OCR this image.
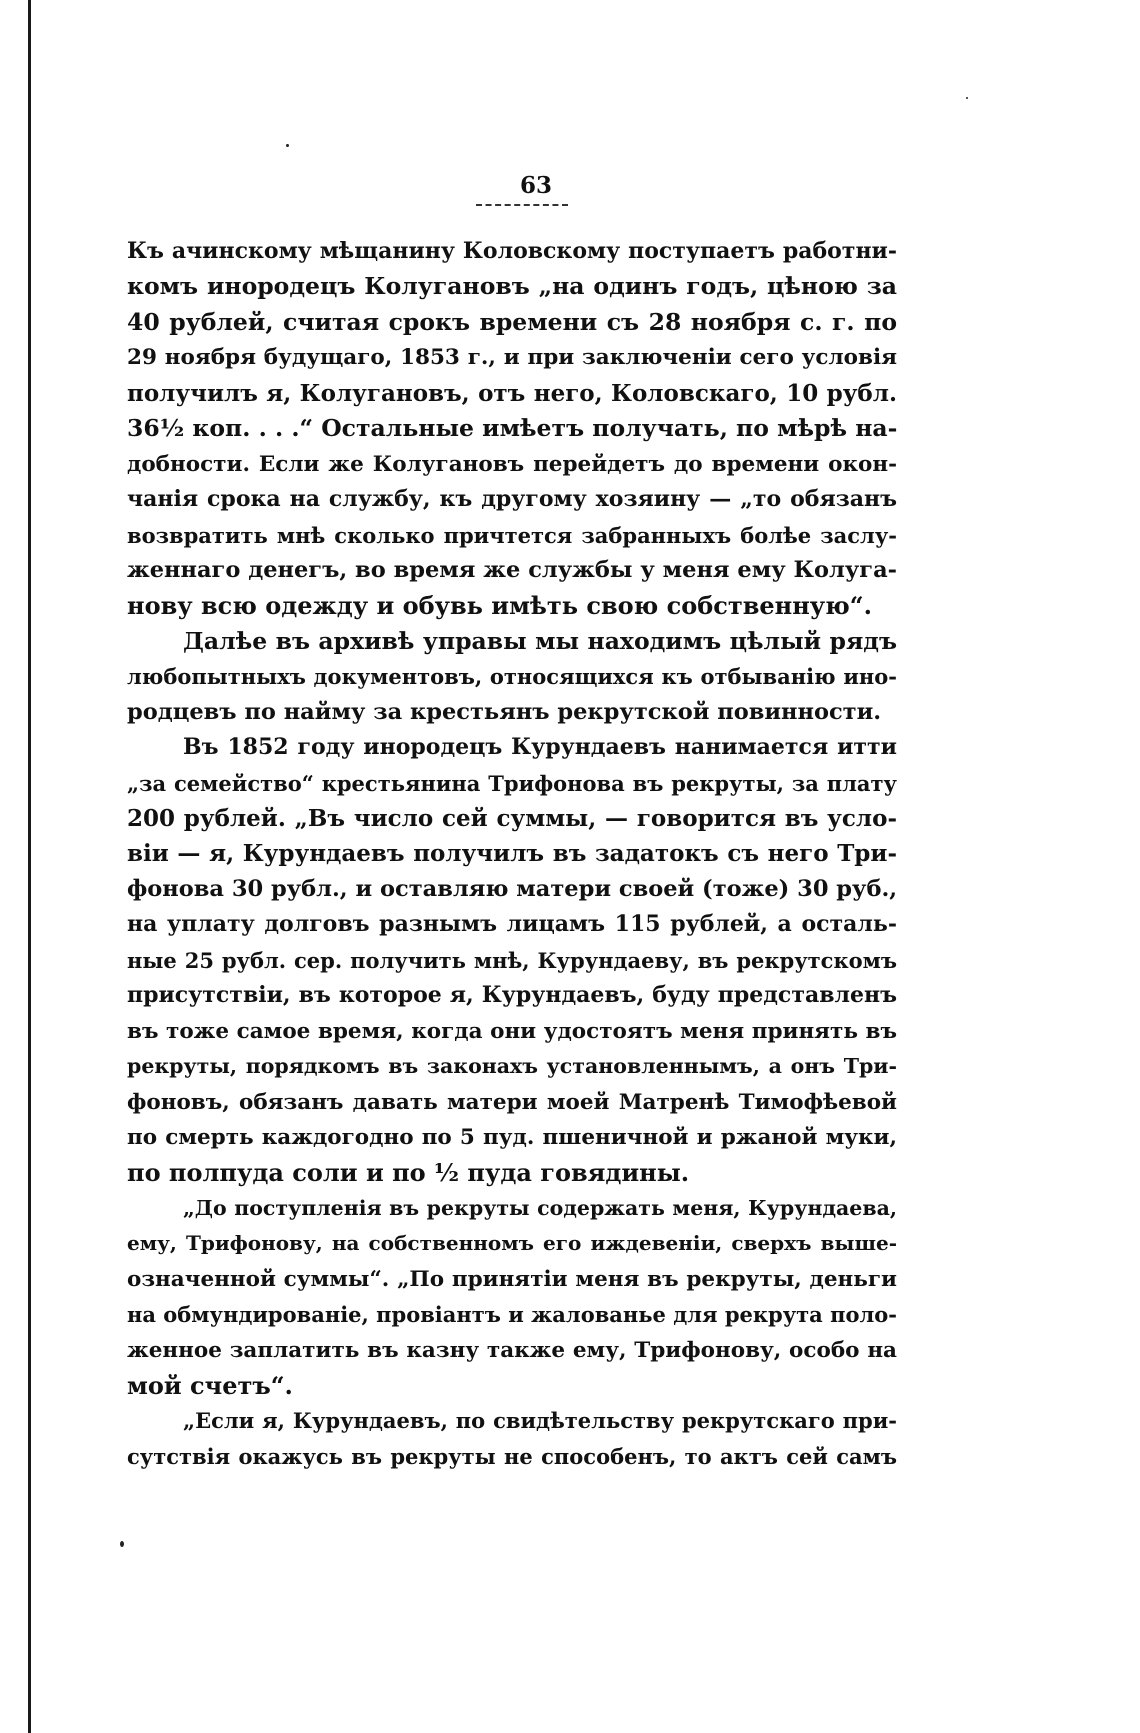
63
Къ ачинскому мѣщанину Коловскому поступаетъ работни-
комъ инородецъ Колугановъ „на одинъ годъ, цѣною за
40 рублей, считая срокъ времени съ 28 ноября с. г. по
29 ноября будущаго, 1853 г., и при заключеніи сего условія
получилъ я, Колугановъ, отъ него, Коловскаго, 10 рубл.
36½ коп. . . .“ Остальные имѣетъ получать, по мѣрѣ на-
добности. Если же Колугановъ перейдетъ до времени окон-
чанія срока на службу, къ другому хозяину — „то обязанъ
возвратить мнѣ сколько причтется забранныхъ болѣе заслу-
женнаго денегъ, во время же службы у меня ему Колуга-
нову всю одежду и обувь имѣть свою собственную“.
Далѣе въ архивѣ управы мы находимъ цѣлый рядъ
любопытныхъ документовъ, относящихся къ отбыванію ино-
родцевъ по найму за крестьянъ рекрутской повинности.
Въ 1852 году инородецъ Курундаевъ нанимается итти
„за семейство“ крестьянина Трифонова въ рекруты, за плату
200 рублей. „Въ число сей суммы, — говорится въ усло-
віи — я, Курундаевъ получилъ въ задатокъ съ него Три-
фонова 30 рубл., и оставляю матери своей (тоже) 30 руб.,
на уплату долговъ разнымъ лицамъ 115 рублей, а осталь-
ные 25 рубл. сер. получить мнѣ, Курундаеву, въ рекрутскомъ
присутствіи, въ которое я, Курундаевъ, буду представленъ
въ тоже самое время, когда они удостоятъ меня принять въ
рекруты, порядкомъ въ законахъ установленнымъ, а онъ Три-
фоновъ, обязанъ давать матери моей Матренѣ Тимофѣевой
по смерть каждогодно по 5 пуд. пшеничной и ржаной муки,
по полпуда соли и по ½ пуда говядины.
„До поступленія въ рекруты содержать меня, Курундаева,
ему, Трифонову, на собственномъ его иждевеніи, сверхъ выше-
означенной суммы“. „По принятіи меня въ рекруты, деньги
на обмундированіе, провіантъ и жалованье для рекрута поло-
женное заплатить въ казну также ему, Трифонову, особо на
мой счетъ“.
„Если я, Курундаевъ, по свидѣтельству рекрутскаго при-
сутствія окажусь въ рекруты не способенъ, то актъ сей самъ
